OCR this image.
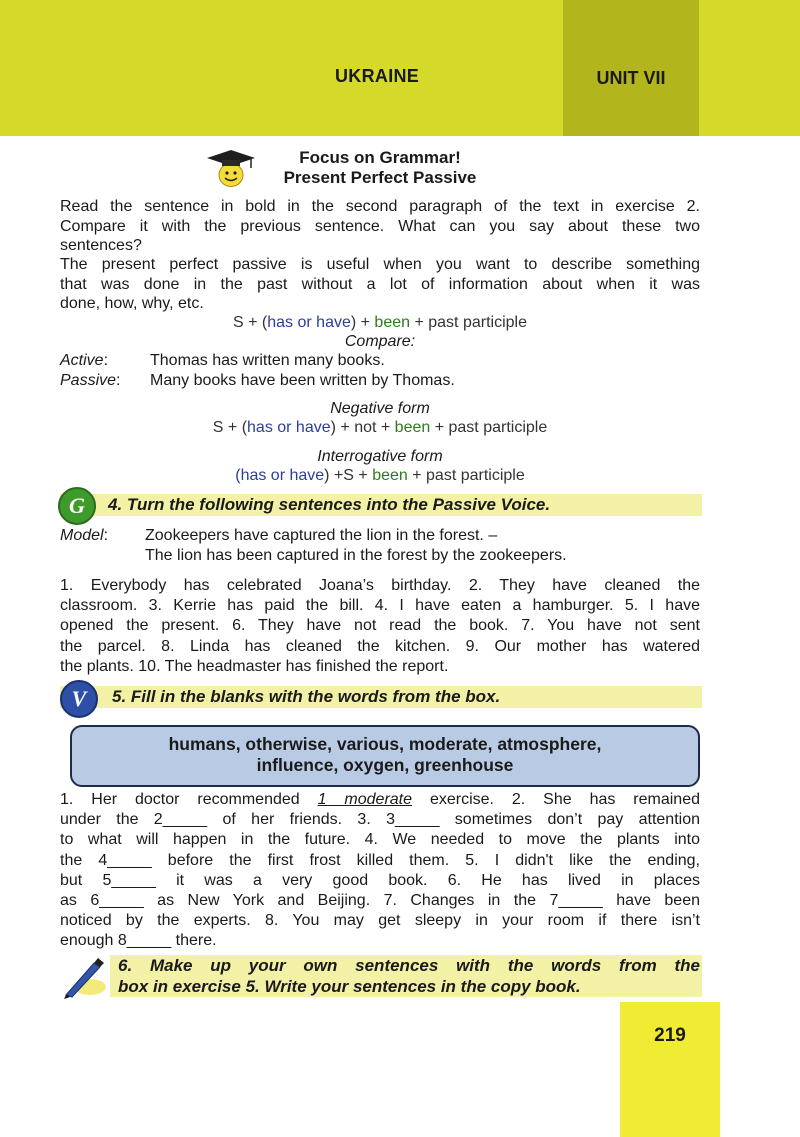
UKRAINE	UNIT VII
Focus on Grammar!
Present Perfect Passive
Read the sentence in bold in the second paragraph of the text in exercise 2.
Compare it with the previous sentence. What can you say about these two
sentences?
The present perfect passive is useful when you want to describe something
that was done in the past without a lot of information about when it was
done, how, why, etc.
S + (has or have) + been + past participle
Compare:
Active:	Thomas has written many books.
Passive: Many books have been written by Thomas.
Negative form
S + (has or have) + not + been + past participle
Interrogative form
(has or have) +S + been + past participle
G 4. Turn the following sentences into the Passive Voice.
Model: Zookeepers have captured the lion in the forest. –
The lion has been captured in the forest by the zookeepers.
1. Everybody has celebrated Joana’s birthday. 2. They have cleaned the
classroom. 3. Kerrie has paid the bill. 4. I have eaten a hamburger. 5. I have
opened the present. 6. They have not read the book. 7. You have not sent
the parcel. 8. Linda has cleaned the kitchen. 9. Our mother has watered
the plants. 10. The headmaster has finished the report.
V 5. Fill in the blanks with the words from the box.
humans, otherwise, various, moderate, atmosphere,
influence, oxygen, greenhouse
1. Her doctor recommended 1 moderate exercise. 2. She has remained
under the 2_____ of her friends. 3. 3_____ sometimes don’t pay attention
to what will happen in the future. 4. We needed to move the plants into
the 4_____ before the first frost killed them. 5. I didn't like the ending,
but 5_____ it was a very good book. 6. He has lived in places
as 6_____ as New York and Beijing. 7. Changes in the 7_____ have been
noticed by the experts. 8. You may get sleepy in your room if there isn’t
enough 8_____ there.
6. Make up your own sentences with the words from the
box in exercise 5. Write your sentences in the copy book.
219
